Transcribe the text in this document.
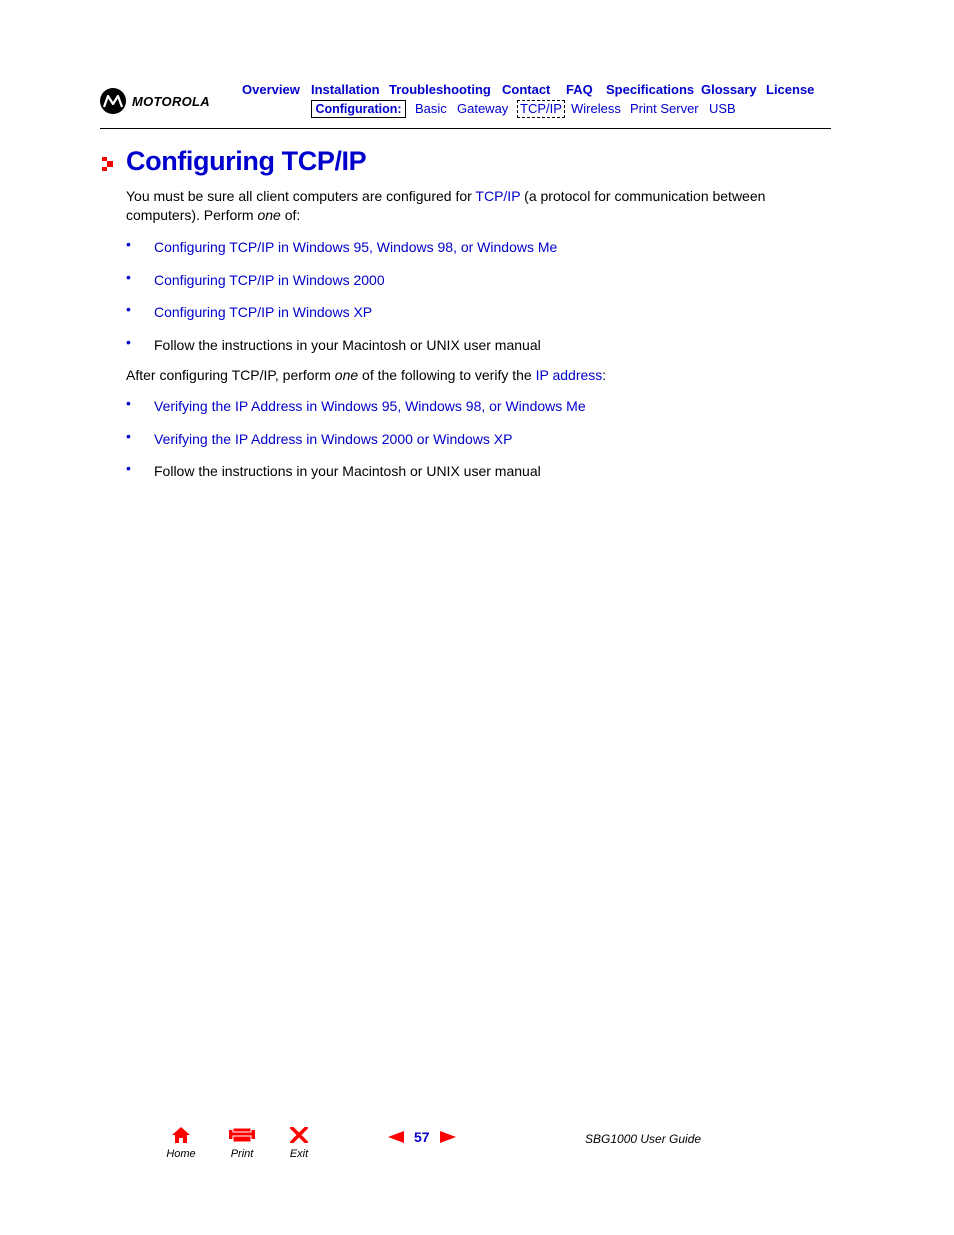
MOTOROLA
Overview Installation Troubleshooting Contact FAQ Specifications Glossary License
Configuration:	Basic Gateway TCP/IP Wireless Print Server USB
Configuring TCP/IP

You must be sure all client computers are configured for TCP/IP (a protocol for communication between computers). Perform one of:

• Configuring TCP/IP in Windows 95, Windows 98, or Windows Me
• Configuring TCP/IP in Windows 2000
• Configuring TCP/IP in Windows XP
• Follow the instructions in your Macintosh or UNIX user manual

After configuring TCP/IP, perform one of the following to verify the IP address:

• Verifying the IP Address in Windows 95, Windows 98, or Windows Me
• Verifying the IP Address in Windows 2000 or Windows XP
• Follow the instructions in your Macintosh or UNIX user manual
Home	Print	Exit
57	SBG1000 User Guide
